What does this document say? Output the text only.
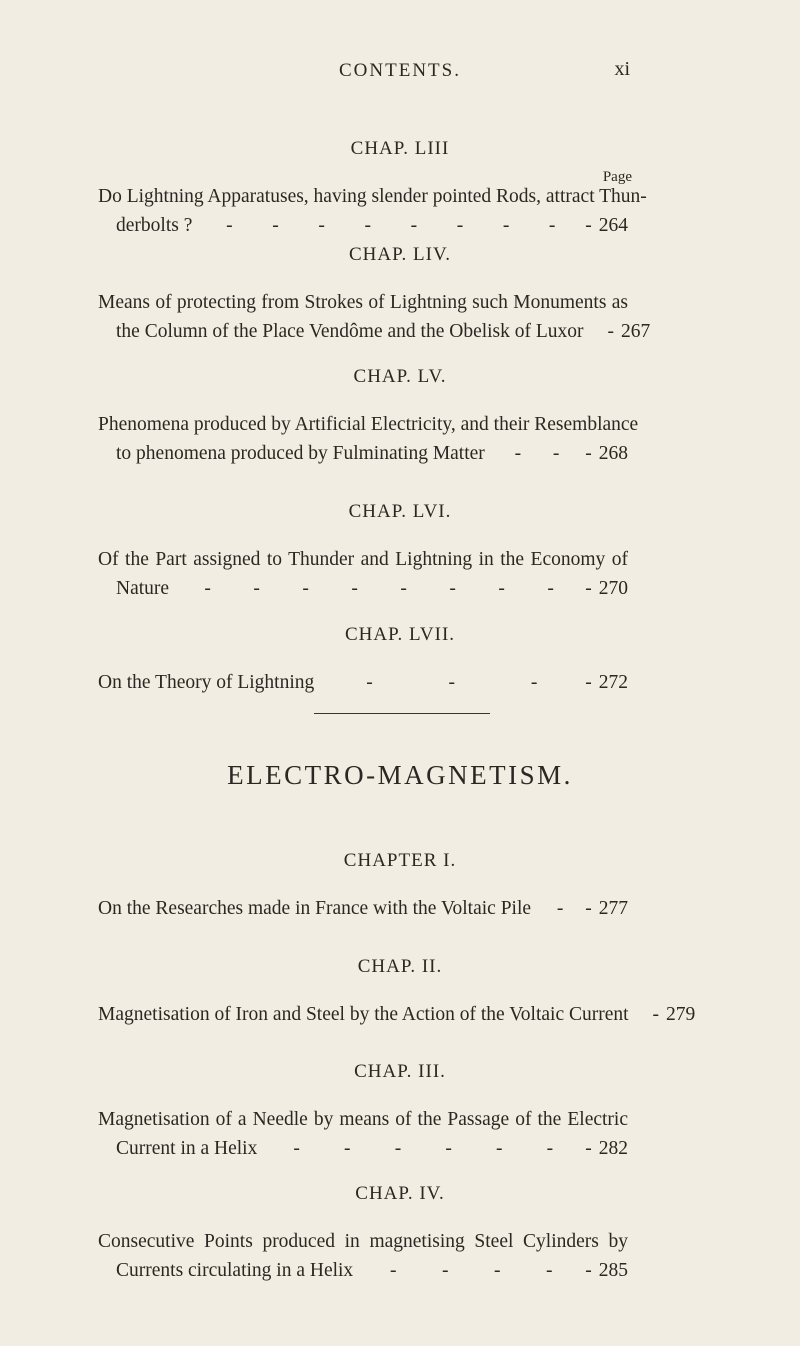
CONTENTS.	xi
Page
ELECTRO-MAGNETISM.
CHAP. LIII
Do Lightning Apparatuses, having slender pointed Rods, attract Thun-
derbolts ? - - - - - - - - - 264
CHAP. LIV.
Means of protecting from Strokes of Lightning such Monuments as
the Column of the Place Vendôme and the Obelisk of Luxor - 267
CHAP. LV.
Phenomena produced by Artificial Electricity, and their Resemblance
to phenomena produced by Fulminating Matter - - - 268
CHAP. LVI.
Of the Part assigned to Thunder and Lightning in the Economy of
Nature - - - - - - - - - 270
CHAP. LVII.
On the Theory of Lightning	-	-	- - 272
CHAPTER I.
On the Researches made in France with the Voltaic Pile - - 277
CHAP. II.
Magnetisation of Iron and Steel by the Action of the Voltaic Current - 279
CHAP. III.
Magnetisation of a Needle by means of the Passage of the Electric
Current in a Helix - - - - - - - 282
CHAP. IV.
Consecutive Points produced in magnetising Steel Cylinders by
Currents circulating in a Helix - - - - - 285
